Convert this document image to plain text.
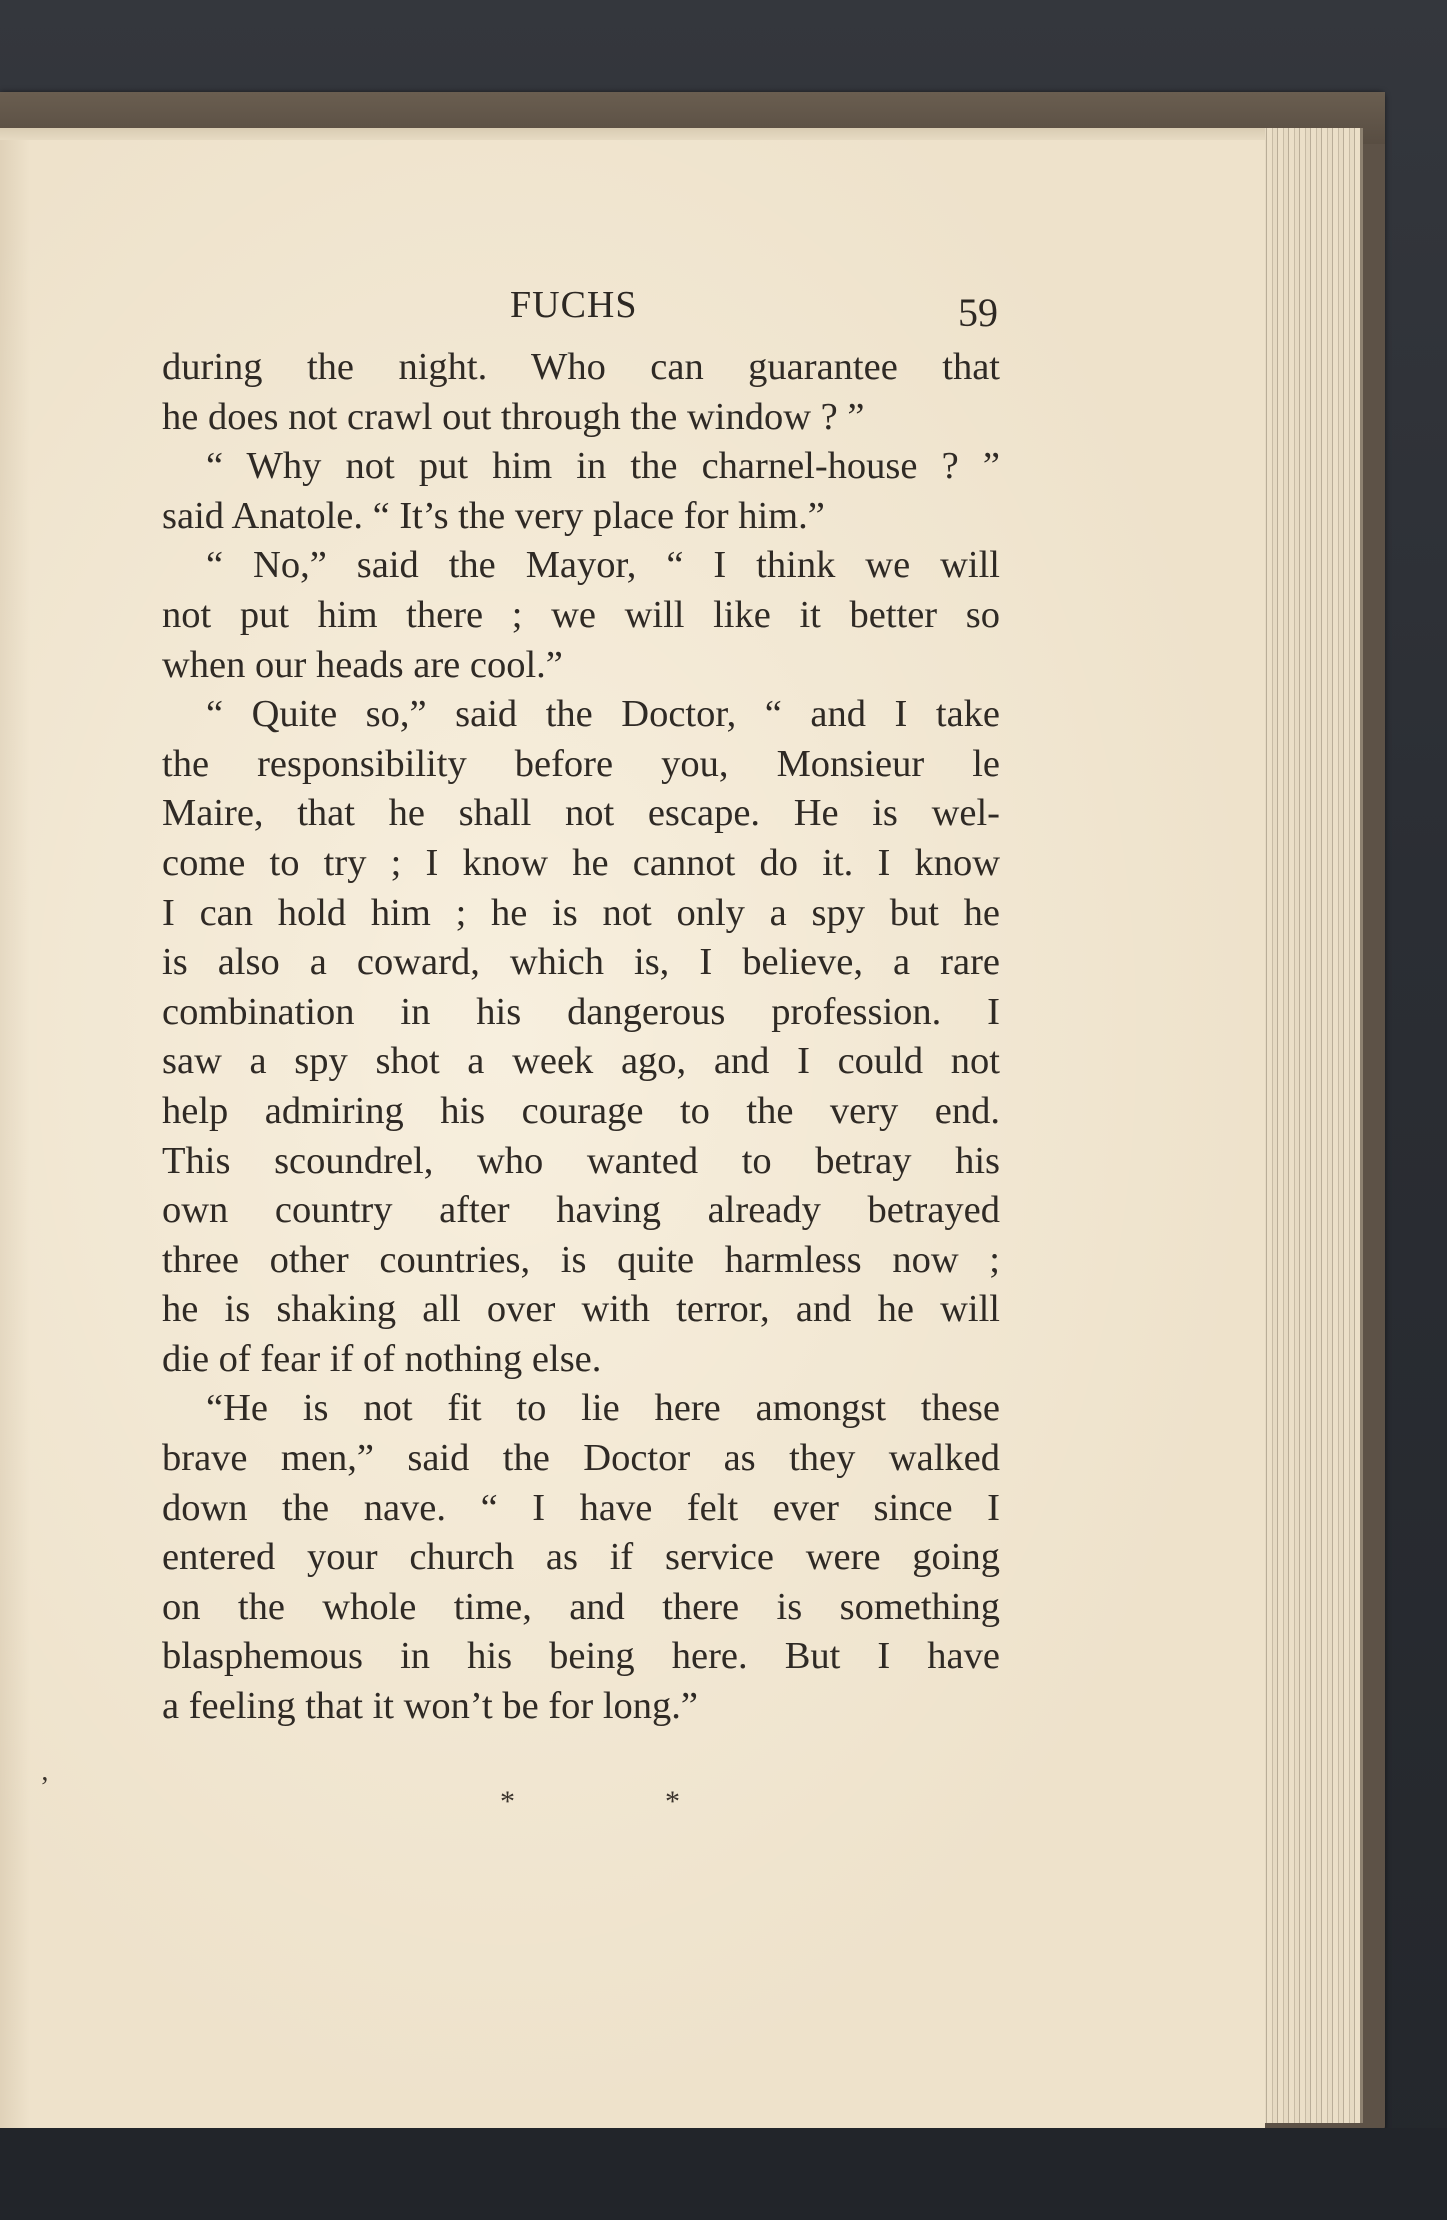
FUCHS	59
during the night. Who can guarantee that
he does not crawl out through the window ? ”
“ Why not put him in the charnel-house ? ”
said Anatole. “ It’s the very place for him.”
“ No,” said the Mayor, “ I think we will
not put him there ; we will like it better so
when our heads are cool.”
“ Quite so,” said the Doctor, “ and I take
the responsibility before you, Monsieur le
Maire, that he shall not escape. He is wel-
come to try ; I know he cannot do it. I know
I can hold him ; he is not only a spy but he
is also a coward, which is, I believe, a rare
combination in his dangerous profession. I
saw a spy shot a week ago, and I could not
help admiring his courage to the very end.
This scoundrel, who wanted to betray his
own country after having already betrayed
three other countries, is quite harmless now ;
he is shaking all over with terror, and he will
die of fear if of nothing else.
“He is not fit to lie here amongst these
brave men,” said the Doctor as they walked
down the nave. “ I have felt ever since I
entered your church as if service were going
on the whole time, and there is something
blasphemous in his being here. But I have
a feeling that it won’t be for long.”
’	*	*
